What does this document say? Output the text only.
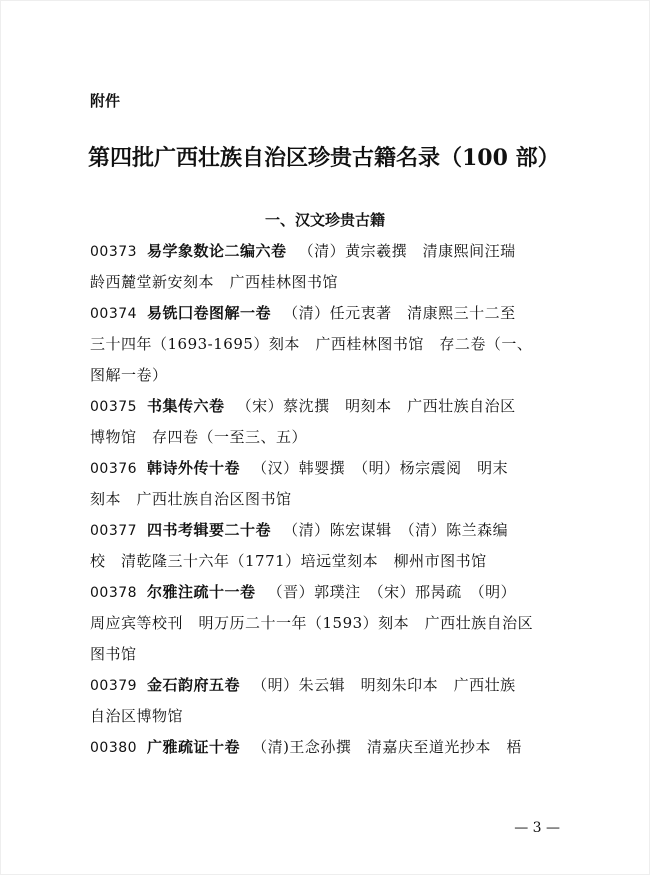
附件
第四批广西壮族自治区珍贵古籍名录（100 部）
一、汉文珍贵古籍
00373 易学象数论二编六卷 （清）黄宗羲撰　清康熙间汪瑞
龄西麓堂新安刻本　广西桂林图书馆
00374 易铣囗卷图解一卷 （清）任元衷著　清康熙三十二至
三十四年（1693-1695）刻本　广西桂林图书馆　存二卷（一、
图解一卷）
00375 书集传六卷 （宋）蔡沈撰　明刻本　广西壮族自治区
博物馆　存四卷（一至三、五）
00376 韩诗外传十卷 （汉）韩婴撰　（明）杨宗震阅　明末
刻本　广西壮族自治区图书馆
00377 四书考辑要二十卷 （清）陈宏谋辑　（清）陈兰森编
校　清乾隆三十六年（1771）培远堂刻本　柳州市图书馆
00378 尔雅注疏十一卷 （晋）郭璞注　（宋）邢昺疏　（明）
周应宾等校刊　明万历二十一年（1593）刻本　广西壮族自治区
图书馆
00379 金石韵府五卷 （明）朱云辑　明刻朱印本　广西壮族
自治区博物馆
00380 广雅疏证十卷 （清)王念孙撰　清嘉庆至道光抄本　梧
— 3 —
